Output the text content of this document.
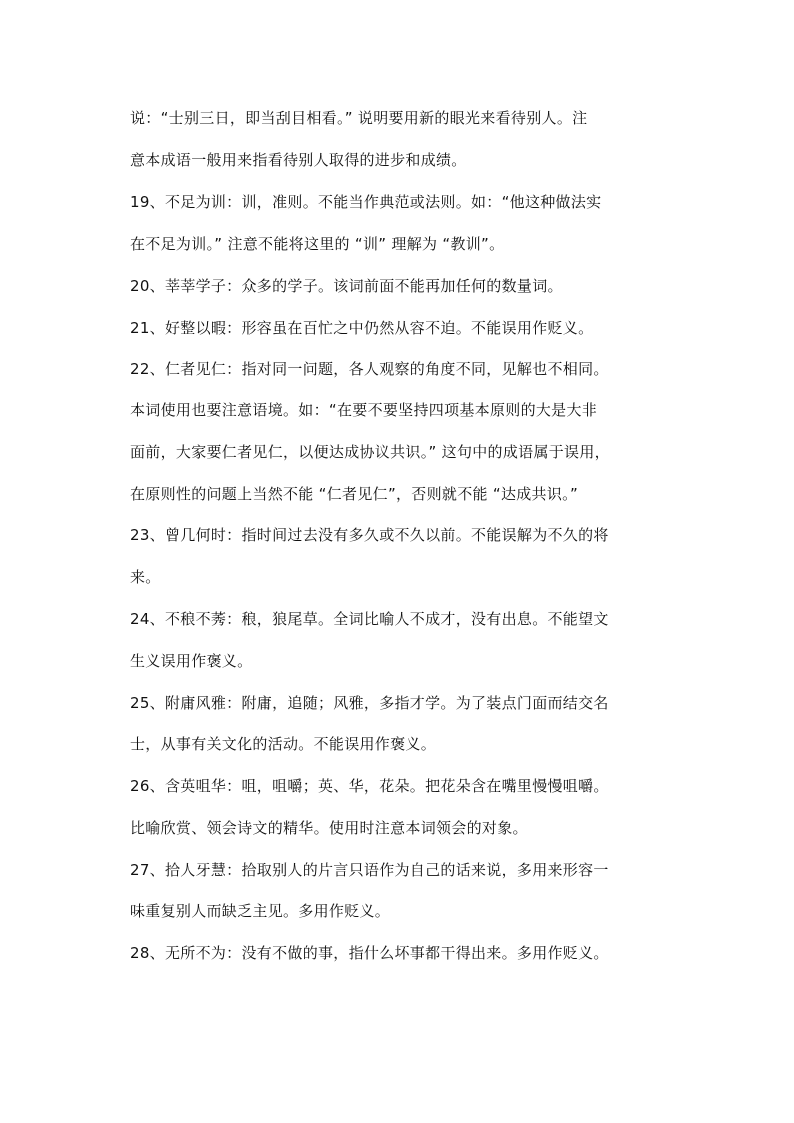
说：“士别三日，即当刮目相看。” 说明要用新的眼光来看待别人。注
意本成语一般用来指看待别人取得的进步和成绩。
19、不足为训：训，准则。不能当作典范或法则。如：“他这种做法实
在不足为训。” 注意不能将这里的 “训” 理解为 “教训”。
20、莘莘学子：众多的学子。该词前面不能再加任何的数量词。
21、好整以暇：形容虽在百忙之中仍然从容不迫。不能误用作贬义。
22、仁者见仁：指对同一问题，各人观察的角度不同，见解也不相同。
本词使用也要注意语境。如：“在要不要坚持四项基本原则的大是大非
面前，大家要仁者见仁，以便达成协议共识。” 这句中的成语属于误用，
在原则性的问题上当然不能 “仁者见仁”，否则就不能 “达成共识。”
23、曾几何时：指时间过去没有多久或不久以前。不能误解为不久的将
来。
24、不稂不莠：稂，狼尾草。全词比喻人不成才，没有出息。不能望文
生义误用作褒义。
25、附庸风雅：附庸，追随；风雅，多指才学。为了装点门面而结交名
士，从事有关文化的活动。不能误用作褒义。
26、含英咀华：咀，咀嚼；英、华，花朵。把花朵含在嘴里慢慢咀嚼。
比喻欣赏、领会诗文的精华。使用时注意本词领会的对象。
27、拾人牙慧：拾取别人的片言只语作为自己的话来说，多用来形容一
味重复别人而缺乏主见。多用作贬义。
28、无所不为：没有不做的事，指什么坏事都干得出来。多用作贬义。
